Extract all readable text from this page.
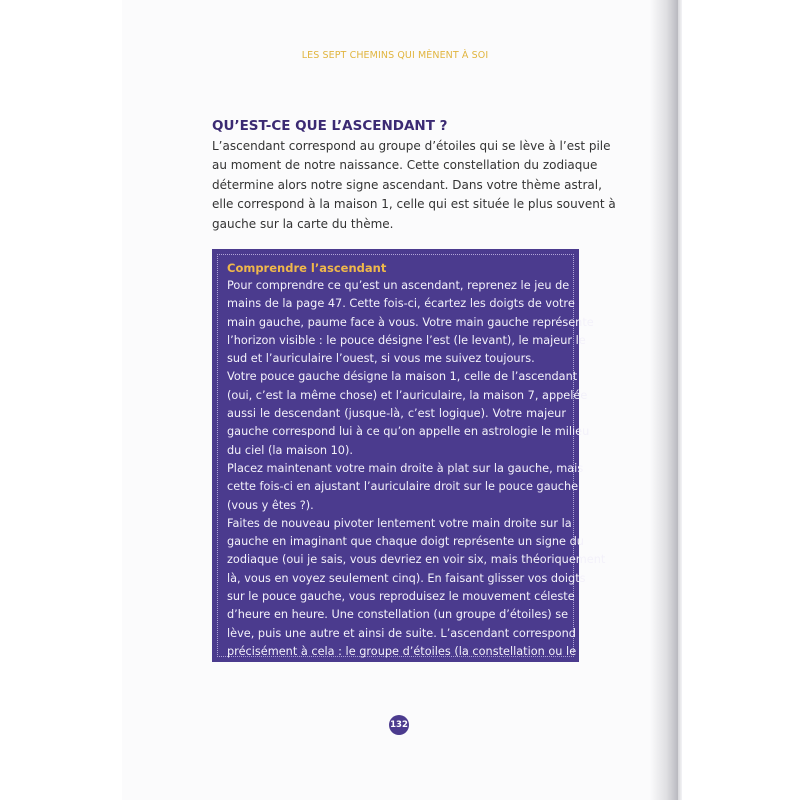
LES SEPT CHEMINS QUI MÈNENT À SOI
QU’EST-CE QUE L’ASCENDANT ?

L’ascendant correspond au groupe d’étoiles qui se lève à l’est pile
au moment de notre naissance. Cette constellation du zodiaque
détermine alors notre signe ascendant. Dans votre thème astral,
elle correspond à la maison 1, celle qui est située le plus souvent à
gauche sur la carte du thème.

Comprendre l’ascendant

Pour comprendre ce qu’est un ascendant, reprenez le jeu de
mains de la page 47. Cette fois-ci, écartez les doigts de votre
main gauche, paume face à vous. Votre main gauche représente
l’horizon visible : le pouce désigne l’est (le levant), le majeur le
sud et l’auriculaire l’ouest, si vous me suivez toujours.
Votre pouce gauche désigne la maison 1, celle de l’ascendant
(oui, c’est la même chose) et l’auriculaire, la maison 7, appelée
aussi le descendant (jusque-là, c’est logique). Votre majeur
gauche correspond lui à ce qu’on appelle en astrologie le milieu
du ciel (la maison 10).
Placez maintenant votre main droite à plat sur la gauche, mais
cette fois-ci en ajustant l’auriculaire droit sur le pouce gauche
(vous y êtes ?).
Faites de nouveau pivoter lentement votre main droite sur la
gauche en imaginant que chaque doigt représente un signe du
zodiaque (oui je sais, vous devriez en voir six, mais théoriquement
là, vous en voyez seulement cinq). En faisant glisser vos doigts
sur le pouce gauche, vous reproduisez le mouvement céleste
d’heure en heure. Une constellation (un groupe d’étoiles) se
lève, puis une autre et ainsi de suite. L’ascendant correspond
précisément à cela : le groupe d’étoiles (la constellation ou le

132
